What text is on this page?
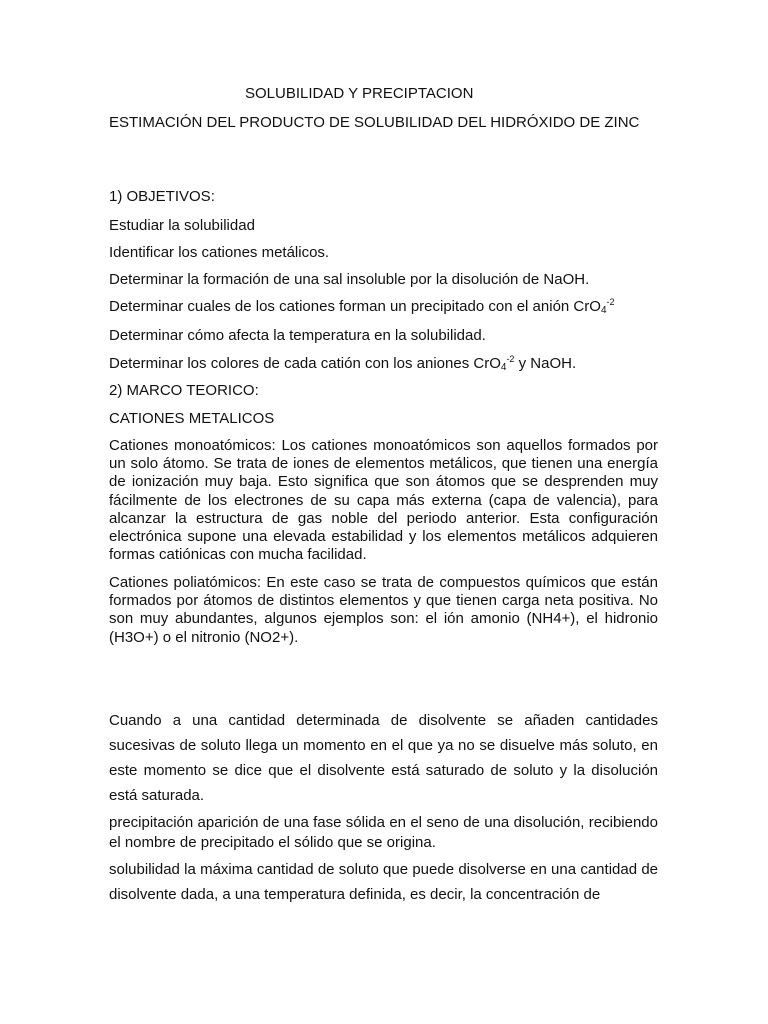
SOLUBILIDAD Y PRECIPTACION
ESTIMACIÓN DEL PRODUCTO DE SOLUBILIDAD DEL HIDRÓXIDO DE ZINC
1) OBJETIVOS:
Estudiar la solubilidad
Identificar los cationes metálicos.
Determinar la formación de una sal insoluble por la disolución de NaOH.
Determinar cuales de los cationes forman un precipitado con el anión CrO$_4^{-2}$
Determinar cómo afecta la temperatura en la solubilidad.
Determinar los colores de cada catión con los aniones CrO$_4^{-2}$ y NaOH.
2) MARCO TEORICO:
CATIONES METALICOS
Cationes monoatómicos: Los cationes monoatómicos son aquellos formados por un solo átomo. Se trata de iones de elementos metálicos, que tienen una energía de ionización muy baja. Esto significa que son átomos que se desprenden muy fácilmente de los electrones de su capa más externa (capa de valencia), para alcanzar la estructura de gas noble del periodo anterior. Esta configuración electrónica supone una elevada estabilidad y los elementos metálicos adquieren formas catiónicas con mucha facilidad.
Cationes poliatómicos: En este caso se trata de compuestos químicos que están formados por átomos de distintos elementos y que tienen carga neta positiva. No son muy abundantes, algunos ejemplos son: el ión amonio (NH4+), el hidronio (H3O+) o el nitronio (NO2+).
Cuando a una cantidad determinada de disolvente se añaden cantidades sucesivas de soluto llega un momento en el que ya no se disuelve más soluto, en este momento se dice que el disolvente está saturado de soluto y la disolución está saturada.
precipitación aparición de una fase sólida en el seno de una disolución, recibiendo el nombre de precipitado el sólido que se origina.
solubilidad la máxima cantidad de soluto que puede disolverse en una cantidad de disolvente dada, a una temperatura definida, es decir, la concentración de
